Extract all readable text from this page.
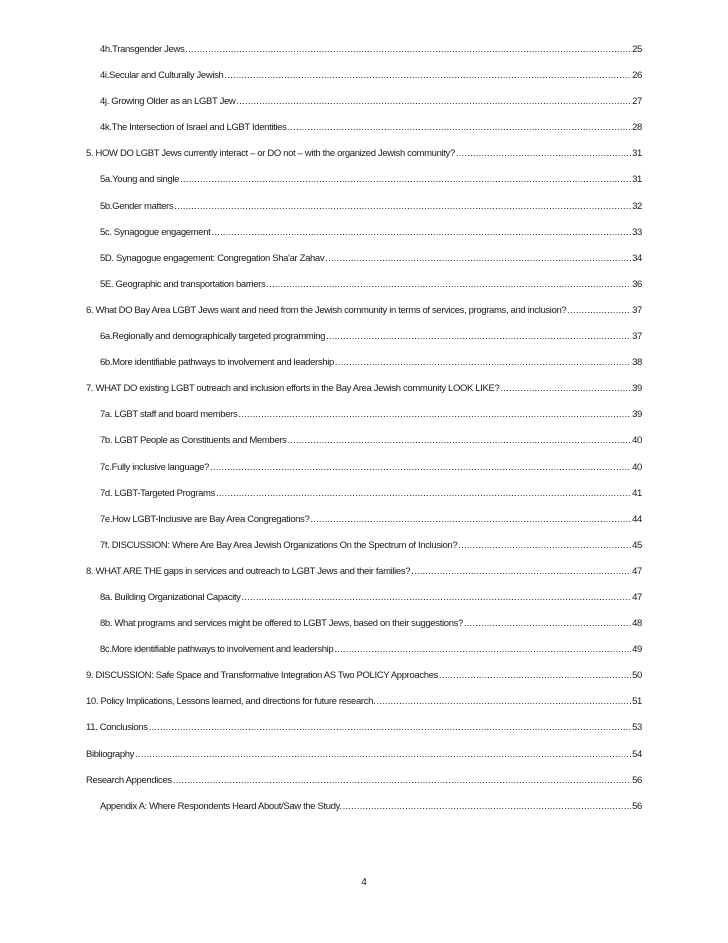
4h.Transgender Jews .....	25
4i.Secular and Culturally Jewish .....	26
4j. Growing Older as an LGBT Jew .....	27
4k.The Intersection of Israel and LGBT Identities .....	28
5. HOW DO LGBT Jews currently interact – or DO not – with the organized Jewish community? .....	31
5a.Young and single .....	31
5b.Gender matters .....	32
5c. Synagogue engagement .....	33
5D. Synagogue engagement: Congregation Sha'ar Zahav .....	34
5E. Geographic and transportation barriers .....	36
6. What DO Bay Area LGBT Jews want and need from the Jewish community in terms of services, programs, and inclusion? .....	37
6a.Regionally and demographically targeted programming .....	37
6b.More identifiable pathways to involvement and leadership .....	38
7. WHAT DO existing LGBT outreach and inclusion efforts in the Bay Area Jewish community LOOK LIKE? .....	39
7a. LGBT staff and board members .....	39
7b. LGBT People as Constituents and Members .....	40
7c.Fully inclusive language? .....	40
7d. LGBT-Targeted Programs .....	41
7e.How LGBT-Inclusive are Bay Area Congregations? .....	44
7f. DISCUSSION: Where Are Bay Area Jewish Organizations On the Spectrum of Inclusion? .....	45
8. WHAT ARE THE gaps in services and outreach to LGBT Jews and their families? .....	47
8a. Building Organizational Capacity .....	47
8b. What programs and services might be offered to LGBT Jews, based on their suggestions? .....	48
8c.More identifiable pathways to involvement and leadership .....	49
9. DISCUSSION: Safe Space and Transformative Integration AS Two POLICY Approaches .....	50
10. Policy Implications, Lessons learned, and directions for future research. .....	51
11. Conclusions .....	53
Bibliography .....	54
Research Appendices .....	56
Appendix A: Where Respondents Heard About/Saw the Study. .....	56
4
